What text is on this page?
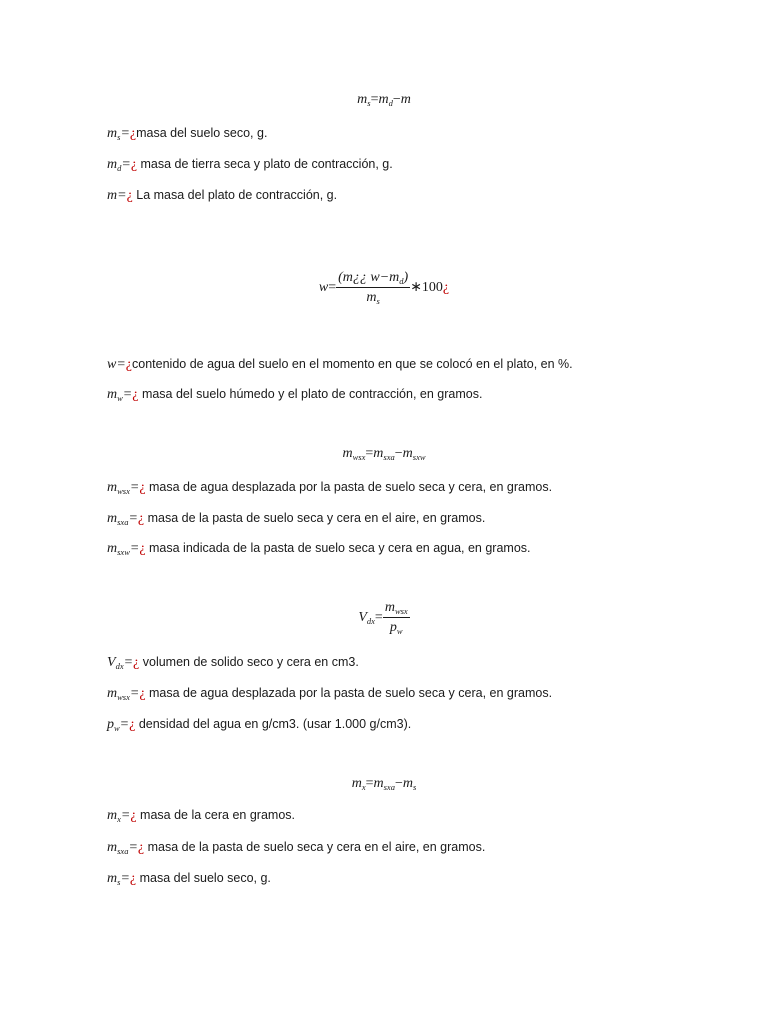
$m_s=m_d-m$
$m_s=¿masa$ del suelo seco, g.
$m_d=¿$ masa de tierra seca y plato de contracción, g.
m=¿ La masa del plato de contracción, g.
$w= \frac{(m¿¿ w-m_d)}{m_s}$ ∗100¿
w=¿contenido de agua del suelo en el momento en que se colocó en el plato, en %.
$m_w=¿$ masa del suelo húmedo y el plato de contracción, en gramos.
$m_{wsx}=m_{sxa}-m_{sxw}$
$m_{wsx}=¿$ masa de agua desplazada por la pasta de suelo seca y cera, en gramos.
$m_{sxa}=¿$ masa de la pasta de suelo seca y cera en el aire, en gramos.
$m_{sxw}=¿$ masa indicada de la pasta de suelo seca y cera en agua, en gramos.
$V_{dx}= \frac{m_{wsx}}{p_w}$
$V_{dx}=¿$ volumen de solido seco y cera en cm3.
$m_{wsx}=¿$ masa de agua desplazada por la pasta de suelo seca y cera, en gramos.
$p_w=¿$ densidad del agua en g/cm3. (usar 1.000 g/cm3).
$m_x=m_{sxa}-m_s$
$m_x=¿$ masa de la cera en gramos.
$m_{sxa}=¿$ masa de la pasta de suelo seca y cera en el aire, en gramos.
$m_s=¿$ masa del suelo seco, g.
